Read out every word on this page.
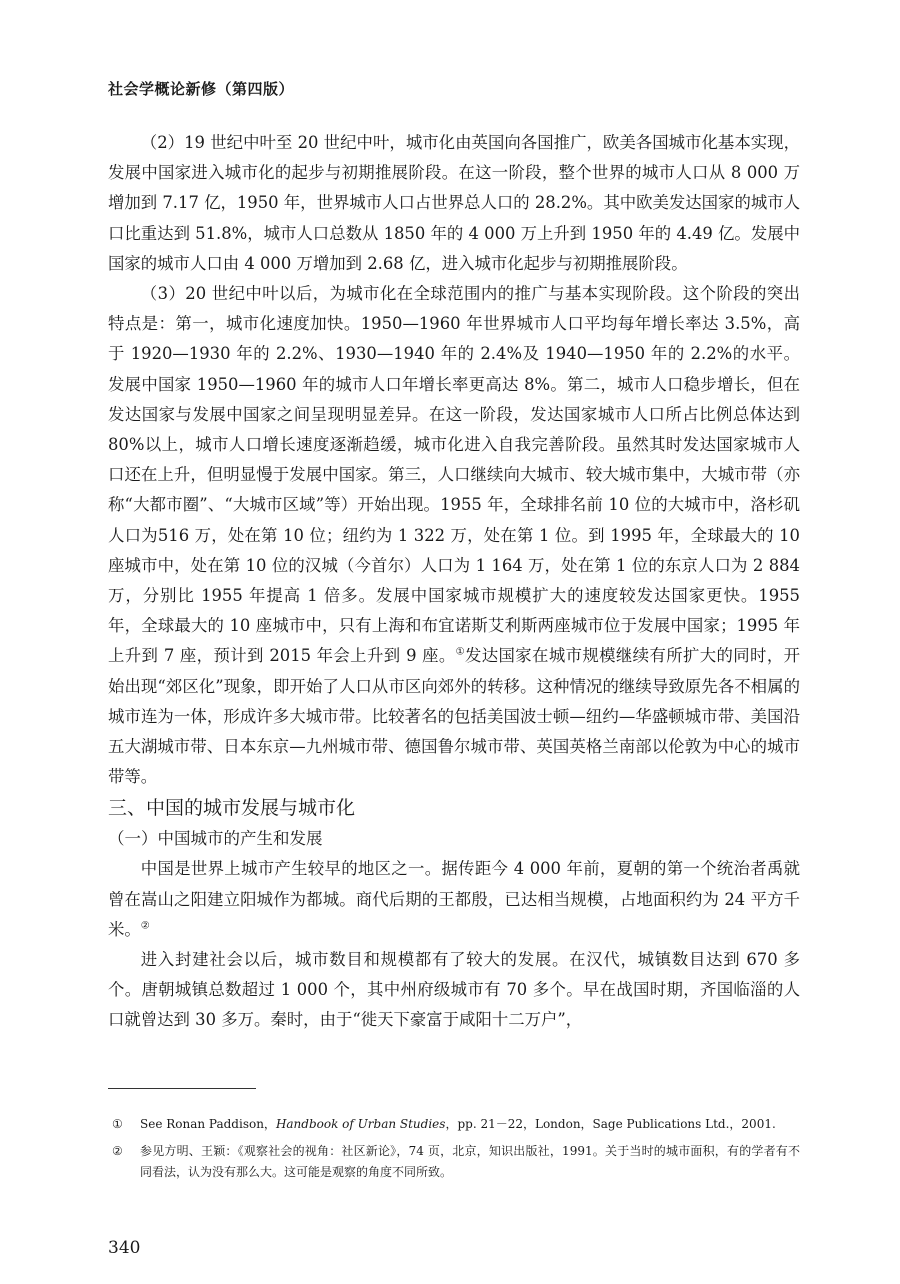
社会学概论新修（第四版）

（2）19 世纪中叶至 20 世纪中叶，城市化由英国向各国推广，欧美各国城市化基本实现，发展中国家进入城市化的起步与初期推展阶段。在这一阶段，整个世界的城市人口从 8 000 万增加到 7.17 亿，1950 年，世界城市人口占世界总人口的 28.2%。其中欧美发达国家的城市人口比重达到 51.8%，城市人口总数从 1850 年的 4 000 万上升到 1950 年的 4.49 亿。发展中国家的城市人口由 4 000 万增加到 2.68 亿，进入城市化起步与初期推展阶段。

（3）20 世纪中叶以后，为城市化在全球范围内的推广与基本实现阶段。这个阶段的突出特点是：第一，城市化速度加快。1950—1960 年世界城市人口平均每年增长率达 3.5%，高于 1920—1930 年的 2.2%、1930—1940 年的 2.4%及 1940—1950 年的 2.2%的水平。发展中国家 1950—1960 年的城市人口年增长率更高达 8%。第二，城市人口稳步增长，但在发达国家与发展中国家之间呈现明显差异。在这一阶段，发达国家城市人口所占比例总体达到 80%以上，城市人口增长速度逐渐趋缓，城市化进入自我完善阶段。虽然其时发达国家城市人口还在上升，但明显慢于发展中国家。第三，人口继续向大城市、较大城市集中，大城市带（亦称“大都市圈”、“大城市区域”等）开始出现。1955 年，全球排名前 10 位的大城市中，洛杉矶人口为516 万，处在第 10 位；纽约为 1 322 万，处在第 1 位。到 1995 年，全球最大的 10 座城市中，处在第 10 位的汉城（今首尔）人口为 1 164 万，处在第 1 位的东京人口为 2 884 万，分别比 1955 年提高 1 倍多。发展中国家城市规模扩大的速度较发达国家更快。1955 年，全球最大的 10 座城市中，只有上海和布宜诺斯艾利斯两座城市位于发展中国家；1995 年上升到 7 座，预计到 2015 年会上升到 9 座。①发达国家在城市规模继续有所扩大的同时，开始出现“郊区化”现象，即开始了人口从市区向郊外的转移。这种情况的继续导致原先各不相属的城市连为一体，形成许多大城市带。比较著名的包括美国波士顿—纽约—华盛顿城市带、美国沿五大湖城市带、日本东京—九州城市带、德国鲁尔城市带、英国英格兰南部以伦敦为中心的城市带等。

三、中国的城市发展与城市化

（一）中国城市的产生和发展

中国是世界上城市产生较早的地区之一。据传距今 4 000 年前，夏朝的第一个统治者禹就曾在嵩山之阳建立阳城作为都城。商代后期的王都殷，已达相当规模，占地面积约为 24 平方千米。②

进入封建社会以后，城市数目和规模都有了较大的发展。在汉代，城镇数目达到 670 多个。唐朝城镇总数超过 1 000 个，其中州府级城市有 70 多个。早在战国时期，齐国临淄的人口就曾达到 30 多万。秦时，由于“徙天下豪富于咸阳十二万户”，

①	See Ronan Paddison，Handbook of Urban Studies，pp. 21－22，London，Sage Publications Ltd.，2001.
②	参见方明、王颖：《观察社会的视角：社区新论》，74 页，北京，知识出版社，1991。关于当时的城市面积，有的学者有不同看法，认为没有那么大。这可能是观察的角度不同所致。
340
